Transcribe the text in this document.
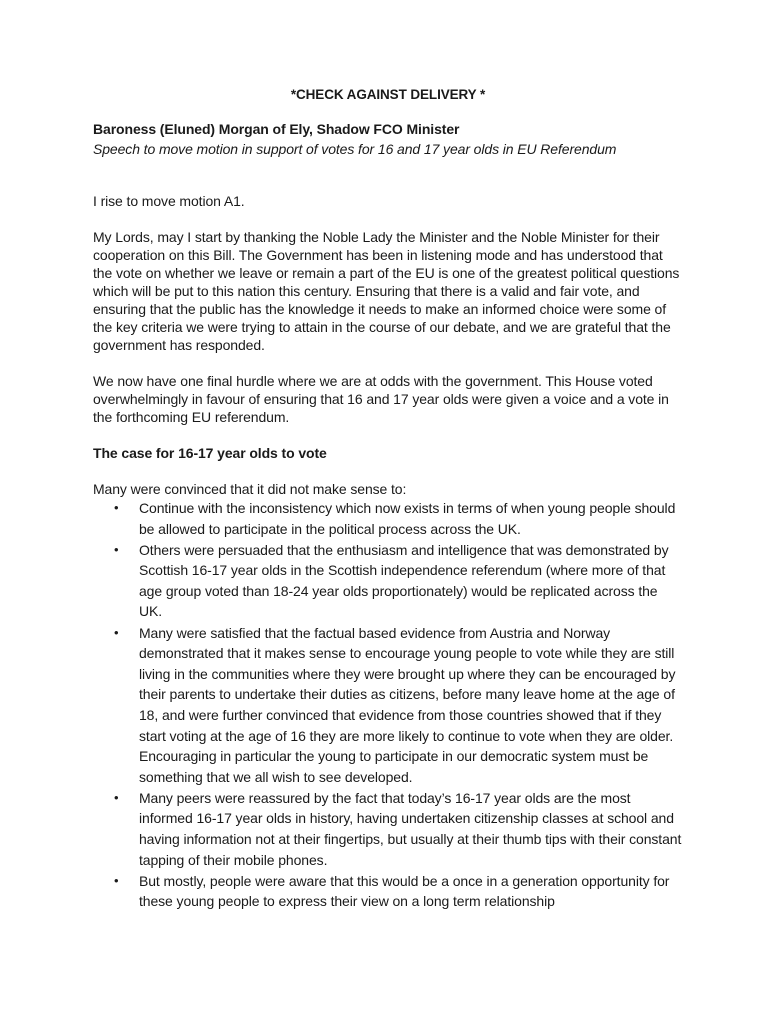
*CHECK AGAINST DELIVERY *
Baroness (Eluned) Morgan of Ely, Shadow FCO Minister
Speech to move motion in support of votes for 16 and 17 year olds in EU Referendum

I rise to move motion A1.

My Lords, may I start by thanking the Noble Lady the Minister and the Noble Minister for their cooperation on this Bill. The Government has been in listening mode and has understood that the vote on whether we leave or remain a part of the EU is one of the greatest political questions which will be put to this nation this century. Ensuring that there is a valid and fair vote, and ensuring that the public has the knowledge it needs to make an informed choice were some of the key criteria we were trying to attain in the course of our debate, and we are grateful that the government has responded.

We now have one final hurdle where we are at odds with the government. This House voted overwhelmingly in favour of ensuring that 16 and 17 year olds were given a voice and a vote in the forthcoming EU referendum.

The case for 16-17 year olds to vote

Many were convinced that it did not make sense to:

• Continue with the inconsistency which now exists in terms of when young people should be allowed to participate in the political process across the UK.
• Others were persuaded that the enthusiasm and intelligence that was demonstrated by Scottish 16-17 year olds in the Scottish independence referendum (where more of that age group voted than 18-24 year olds proportionately) would be replicated across the UK.
• Many were satisfied that the factual based evidence from Austria and Norway demonstrated that it makes sense to encourage young people to vote while they are still living in the communities where they were brought up where they can be encouraged by their parents to undertake their duties as citizens, before many leave home at the age of 18, and were further convinced that evidence from those countries showed that if they start voting at the age of 16 they are more likely to continue to vote when they are older. Encouraging in particular the young to participate in our democratic system must be something that we all wish to see developed.
• Many peers were reassured by the fact that today’s 16-17 year olds are the most informed 16-17 year olds in history, having undertaken citizenship classes at school and having information not at their fingertips, but usually at their thumb tips with their constant tapping of their mobile phones.
• But mostly, people were aware that this would be a once in a generation opportunity for these young people to express their view on a long term relationship
